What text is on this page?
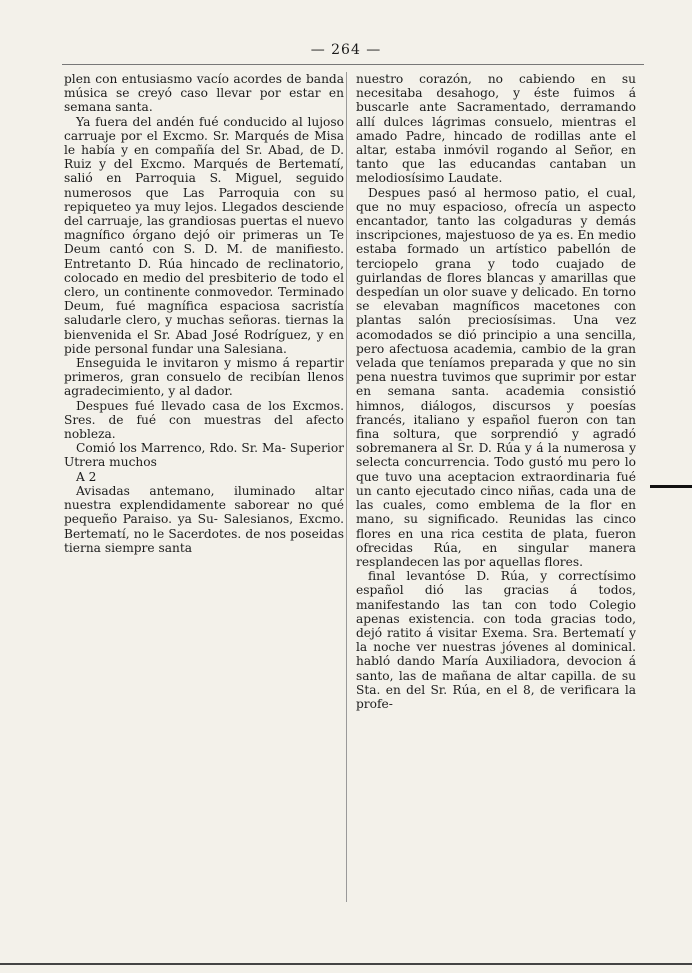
— 264 —

plen con entusiasmo vacío acordes de banda música se creyó caso llevar por estar en semana santa.

Ya fuera del andén fué conducido al lujoso carruaje por el Excmo. Sr. Marqués de Misa le había y en compañía del Sr. Abad, de D. Ruiz y del Excmo. Marqués de Bertematí, salió en Parroquia S. Miguel, seguido numerosos que Las Parroquia con su repiqueteo ya muy lejos. Llegados desciende del carruaje, las grandiosas puertas el nuevo magnífico órgano dejó oir primeras un Te Deum cantó con S. D. M. de manifiesto. Entretanto D. Rúa hincado de reclinatorio, colocado en medio del presbiterio de todo el clero, un continente conmovedor. Terminado Deum, fué magnífica espaciosa sacristía saludarle clero, y muchas señoras. tiernas la bienvenida el Sr. Abad José Rodríguez, y en pide personal fundar una Salesiana.

Enseguida le invitaron y mismo á repartir primeros, gran consuelo de recibían llenos agradecimiento, y al dador.

Despues fué llevado casa de los Excmos. Sres. de fué con muestras del afecto nobleza.

Comió los Marrenco, Rdo. Sr. Ma- Superior Utrera muchos

A 2

Avisadas antemano, iluminado altar nuestra explendidamente saborear no qué pequeño Paraiso. ya Su- Salesianos, Excmo. Bertematí, no le Sacerdotes. de nos poseidas tierna siempre santa

nuestro corazón, no cabiendo en su necesitaba desahogo, y éste fuimos á buscarle ante Sacramentado, derramando allí dulces lágrimas consuelo, mientras el amado Padre, hincado de rodillas ante el altar, estaba inmóvil rogando al Señor, en tanto que las educandas cantaban un melodiosísimo Laudate.

Despues pasó al hermoso patio, el cual, que no muy espacioso, ofrecía un aspecto encantador, tanto las colgaduras y demás inscripciones, majestuoso de ya es. En medio estaba formado un artístico pabellón de terciopelo grana y todo cuajado de guirlandas de flores blancas y amarillas que despedían un olor suave y delicado. En torno se elevaban magníficos macetones con plantas salón preciosísimas. Una vez acomodados se dió principio a una sencilla, pero afectuosa academia, cambio de la gran velada que teníamos preparada y que no sin pena nuestra tuvimos que suprimir por estar en semana santa. academia consistió himnos, diálogos, discursos y poesías francés, italiano y español fueron con tan fina soltura, que sorprendió y agradó sobremanera al Sr. D. Rúa y á la numerosa y selecta concurrencia. Todo gustó mu pero lo que tuvo una aceptacion extraordinaria fué un canto ejecutado cinco niñas, cada una de las cuales, como emblema de la flor en mano, su significado. Reunidas las cinco flores en una rica cestita de plata, fueron ofrecidas Rúa, en singular manera resplandecen las por aquellas flores.

final levantóse D. Rúa, y correctísimo español dió las gracias á todos, manifestando las tan con todo Colegio apenas existencia. con toda gracias todo, dejó ratito á visitar Exema. Sra. Bertematí y la noche ver nuestras jóvenes al dominical. habló dando María Auxiliadora, devocion á santo, las de mañana de altar capilla. de su Sta. en del Sr. Rúa, en el 8, de verificara la profe-
